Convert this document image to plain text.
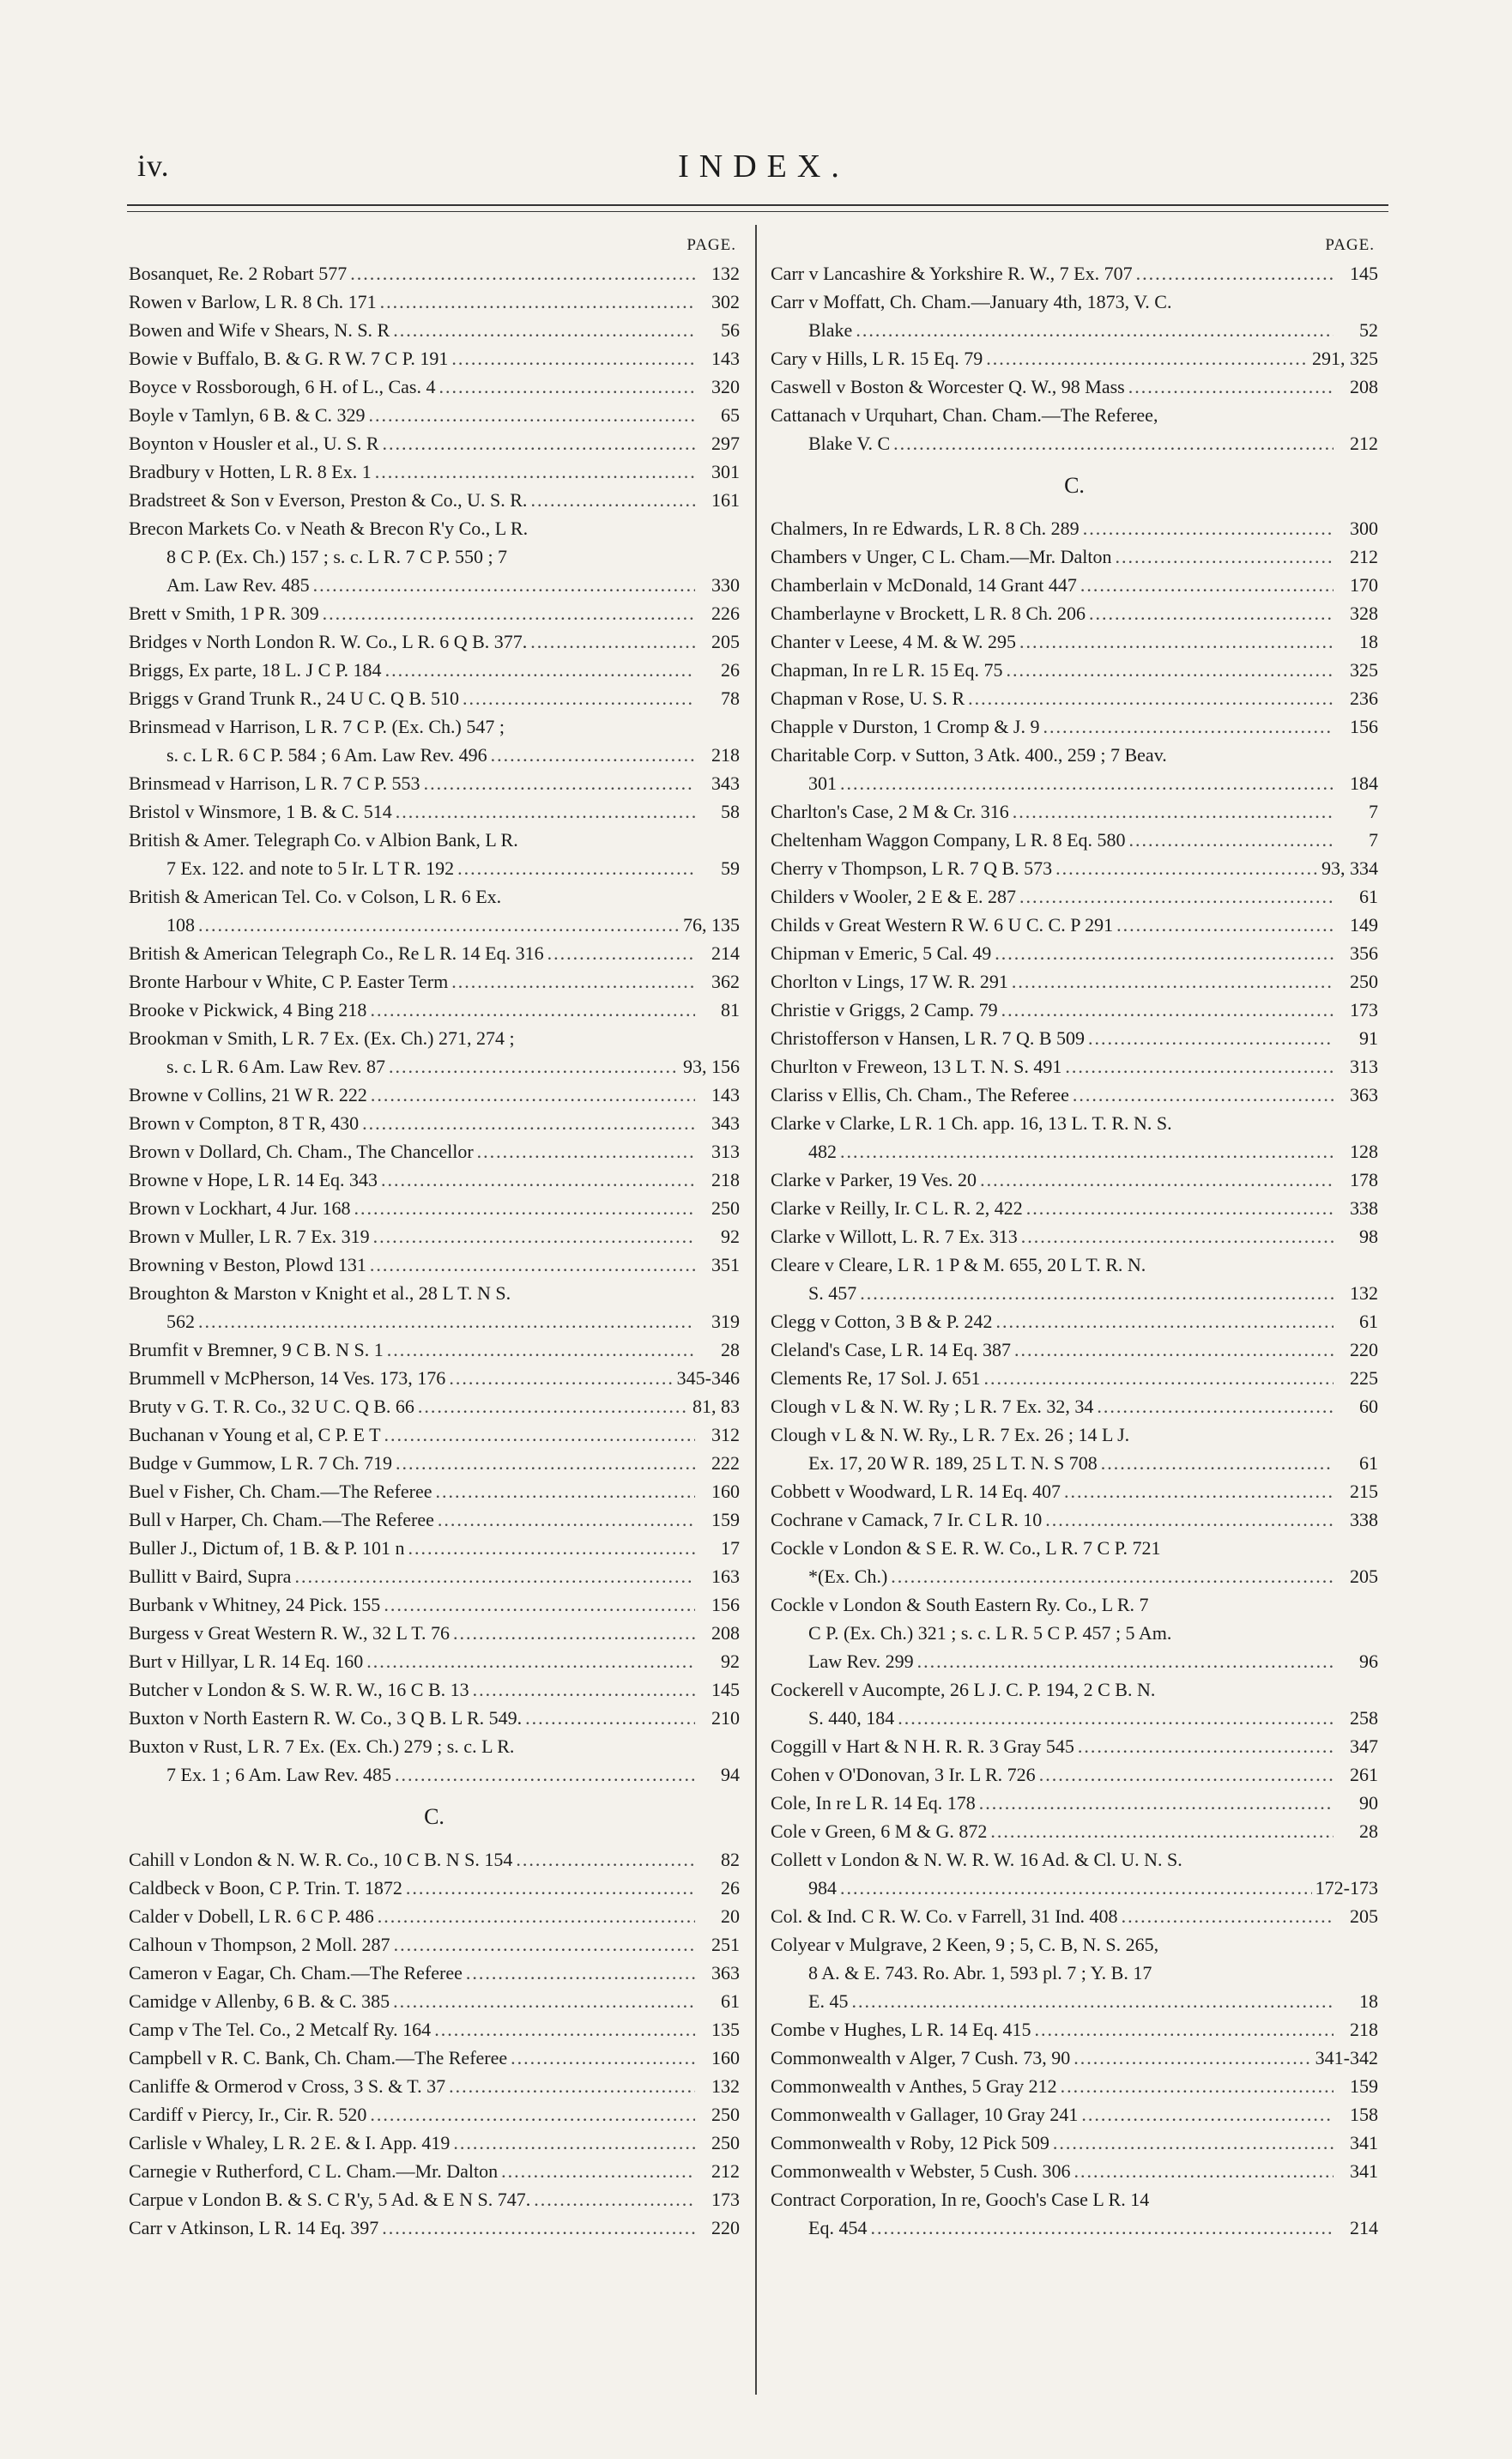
iv.	INDEX.
PAGE.
Bosanquet, Re. 2 Robart 577 .....	132
Rowen v Barlow, L R. 8 Ch. 171 .....	302
Bowen and Wife v Shears, N. S. R .....	56
Bowie v Buffalo, B. & G. R W. 7 C P. 191 .....	143
Boyce v Rossborough, 6 H. of L., Cas. 4 .....	320
Boyle v Tamlyn, 6 B. & C. 329 .....	65
Boynton v Housler et al., U. S. R .....	297
Bradbury v Hotten, L R. 8 Ex. 1 .....	301
Bradstreet & Son v Everson, Preston & Co., U. S. R. .....	161
Brecon Markets Co. v Neath & Brecon R'y Co., L R.
8 C P. (Ex. Ch.) 157 ; s. c. L R. 7 C P. 550 ; 7
Am. Law Rev. 485 .....	330
Brett v Smith, 1 P R. 309 .....	226
Bridges v North London R. W. Co., L R. 6 Q B. 377. .....	205
Briggs, Ex parte, 18 L. J C P. 184 .....	26
Briggs v Grand Trunk R., 24 U C. Q B. 510 .....	78
Brinsmead v Harrison, L R. 7 C P. (Ex. Ch.) 547 ;
s. c. L R. 6 C P. 584 ; 6 Am. Law Rev. 496 .....	218
Brinsmead v Harrison, L R. 7 C P. 553 .....	343
Bristol v Winsmore, 1 B. & C. 514 .....	58
British & Amer. Telegraph Co. v Albion Bank, L R.
7 Ex. 122. and note to 5 Ir. L T R. 192 .....	59
British & American Tel. Co. v Colson, L R. 6 Ex.
108 .....	76, 135
British & American Telegraph Co., Re L R. 14 Eq. 316 .....	214
Bronte Harbour v White, C P. Easter Term .....	362
Brooke v Pickwick, 4 Bing 218 .....	81
Brookman v Smith, L R. 7 Ex. (Ex. Ch.) 271, 274 ;
s. c. L R. 6 Am. Law Rev. 87 .....	93, 156
Browne v Collins, 21 W R. 222 .....	143
Brown v Compton, 8 T R, 430 .....	343
Brown v Dollard, Ch. Cham., The Chancellor .....	313
Browne v Hope, L R. 14 Eq. 343 .....	218
Brown v Lockhart, 4 Jur. 168 .....	250
Brown v Muller, L R. 7 Ex. 319 .....	92
Browning v Beston, Plowd 131 .....	351
Broughton & Marston v Knight et al., 28 L T. N S.
562 .....	319
Brumfit v Bremner, 9 C B. N S. 1 .....	28
Brummell v McPherson, 14 Ves. 173, 176 .....	345-346
Bruty v G. T. R. Co., 32 U C. Q B. 66 .....	81, 83
Buchanan v Young et al, C P. E T .....	312
Budge v Gummow, L R. 7 Ch. 719 .....	222
Buel v Fisher, Ch. Cham.—The Referee .....	160
Bull v Harper, Ch. Cham.—The Referee .....	159
Buller J., Dictum of, 1 B. & P. 101 n .....	17
Bullitt v Baird, Supra .....	163
Burbank v Whitney, 24 Pick. 155 .....	156
Burgess v Great Western R. W., 32 L T. 76 .....	208
Burt v Hillyar, L R. 14 Eq. 160 .....	92
Butcher v London & S. W. R. W., 16 C B. 13 .....	145
Buxton v North Eastern R. W. Co., 3 Q B. L R. 549. .....	210
Buxton v Rust, L R. 7 Ex. (Ex. Ch.) 279 ; s. c. L R.
7 Ex. 1 ; 6 Am. Law Rev. 485 .....	94
C.
Cahill v London & N. W. R. Co., 10 C B. N S. 154 .....	82
Caldbeck v Boon, C P. Trin. T. 1872 .....	26
Calder v Dobell, L R. 6 C P. 486 .....	20
Calhoun v Thompson, 2 Moll. 287 .....	251
Cameron v Eagar, Ch. Cham.—The Referee .....	363
Camidge v Allenby, 6 B. & C. 385 .....	61
Camp v The Tel. Co., 2 Metcalf Ry. 164 .....	135
Campbell v R. C. Bank, Ch. Cham.—The Referee .....	160
Canliffe & Ormerod v Cross, 3 S. & T. 37 .....	132
Cardiff v Piercy, Ir., Cir. R. 520 .....	250
Carlisle v Whaley, L R. 2 E. & I. App. 419 .....	250
Carnegie v Rutherford, C L. Cham.—Mr. Dalton .....	212
Carpue v London B. & S. C R'y, 5 Ad. & E N S. 747. .....	173
Carr v Atkinson, L R. 14 Eq. 397 .....	220
PAGE.
Carr v Lancashire & Yorkshire R. W., 7 Ex. 707 .....	145
Carr v Moffatt, Ch. Cham.—January 4th, 1873, V. C.
Blake .....	52
Cary v Hills, L R. 15 Eq. 79 .....	291, 325
Caswell v Boston & Worcester Q. W., 98 Mass .....	208
Cattanach v Urquhart, Chan. Cham.—The Referee,
Blake V. C .....	212
C.
Chalmers, In re Edwards, L R. 8 Ch. 289 .....	300
Chambers v Unger, C L. Cham.—Mr. Dalton .....	212
Chamberlain v McDonald, 14 Grant 447 .....	170
Chamberlayne v Brockett, L R. 8 Ch. 206 .....	328
Chanter v Leese, 4 M. & W. 295 .....	18
Chapman, In re L R. 15 Eq. 75 .....	325
Chapman v Rose, U. S. R .....	236
Chapple v Durston, 1 Cromp & J. 9 .....	156
Charitable Corp. v Sutton, 3 Atk. 400., 259 ; 7 Beav.
301 .....	184
Charlton's Case, 2 M & Cr. 316 .....	7
Cheltenham Waggon Company, L R. 8 Eq. 580 .....	7
Cherry v Thompson, L R. 7 Q B. 573 .....	93, 334
Childers v Wooler, 2 E & E. 287 .....	61
Childs v Great Western R W. 6 U C. C. P 291 .....	149
Chipman v Emeric, 5 Cal. 49 .....	356
Chorlton v Lings, 17 W. R. 291 .....	250
Christie v Griggs, 2 Camp. 79 .....	173
Christofferson v Hansen, L R. 7 Q. B 509 .....	91
Churlton v Freweon, 13 L T. N. S. 491 .....	313
Clariss v Ellis, Ch. Cham., The Referee .....	363
Clarke v Clarke, L R. 1 Ch. app. 16, 13 L. T. R. N. S.
482 .....	128
Clarke v Parker, 19 Ves. 20 .....	178
Clarke v Reilly, Ir. C L. R. 2, 422 .....	338
Clarke v Willott, L. R. 7 Ex. 313 .....	98
Cleare v Cleare, L R. 1 P & M. 655, 20 L T. R. N.
S. 457 .....	132
Clegg v Cotton, 3 B & P. 242 .....	61
Cleland's Case, L R. 14 Eq. 387 .....	220
Clements Re, 17 Sol. J. 651 .....	225
Clough v L & N. W. Ry ; L R. 7 Ex. 32, 34 .....	60
Clough v L & N. W. Ry., L R. 7 Ex. 26 ; 14 L J.
Ex. 17, 20 W R. 189, 25 L T. N. S 708 .....	61
Cobbett v Woodward, L R. 14 Eq. 407 .....	215
Cochrane v Camack, 7 Ir. C L R. 10 .....	338
Cockle v London & S E. R. W. Co., L R. 7 C P. 721
*(Ex. Ch.) .....	205
Cockle v London & South Eastern Ry. Co., L R. 7
C P. (Ex. Ch.) 321 ; s. c. L R. 5 C P. 457 ; 5 Am.
Law Rev. 299 .....	96
Cockerell v Aucompte, 26 L J. C. P. 194, 2 C B. N.
S. 440, 184 .....	258
Coggill v Hart & N H. R. R. 3 Gray 545 .....	347
Cohen v O'Donovan, 3 Ir. L R. 726 .....	261
Cole, In re L R. 14 Eq. 178 .....	90
Cole v Green, 6 M & G. 872 .....	28
Collett v London & N. W. R. W. 16 Ad. & Cl. U. N. S.
984 .....	172-173
Col. & Ind. C R. W. Co. v Farrell, 31 Ind. 408 .....	205
Colyear v Mulgrave, 2 Keen, 9 ; 5, C. B, N. S. 265,
8 A. & E. 743. Ro. Abr. 1, 593 pl. 7 ; Y. B. 17
E. 45 .....	18
Combe v Hughes, L R. 14 Eq. 415 .....	218
Commonwealth v Alger, 7 Cush. 73, 90 .....	341-342
Commonwealth v Anthes, 5 Gray 212 .....	159
Commonwealth v Gallager, 10 Gray 241 .....	158
Commonwealth v Roby, 12 Pick 509 .....	341
Commonwealth v Webster, 5 Cush. 306 .....	341
Contract Corporation, In re, Gooch's Case L R. 14
Eq. 454 .....	214
